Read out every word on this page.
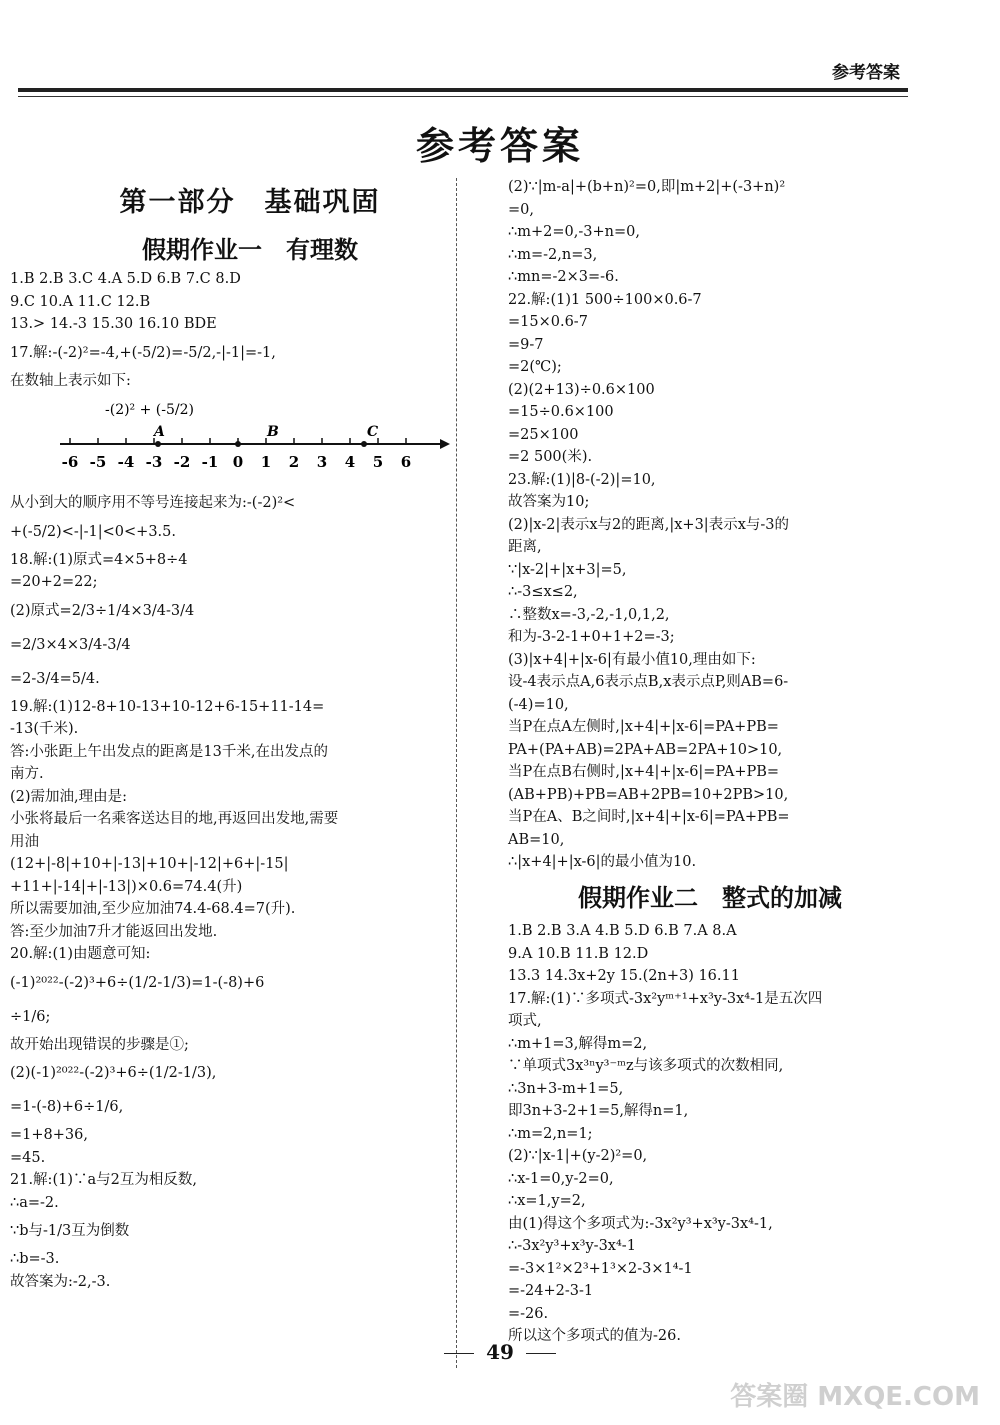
参考答案
参考答案
第一部分　基础巩固
假期作业一　有理数
1.B 2.B 3.C 4.A 5.D 6.B 7.C 8.D
9.C 10.A 11.C 12.B
13.> 14.-3 15.30 16.10 BDE
17.解:-(-2)²=-4,+(-5/2)=-5/2,-|-1|=-1,
在数轴上表示如下:
-(2)² + (-5/2)
-6 -5 -4 -3 -2 -1 0 1 2 3 4 5 6
A	B	C
从小到大的顺序用不等号连接起来为:-(-2)²<
+(-5/2)<-|-1|<0<+3.5.
18.解:(1)原式=4×5+8÷4
=20+2=22;
(2)原式=2/3÷1/4×3/4-3/4
=2/3×4×3/4-3/4
=2-3/4=5/4.
19.解:(1)12-8+10-13+10-12+6-15+11-14=
-13(千米).
答:小张距上午出发点的距离是13千米,在出发点的
南方.
(2)需加油,理由是:
小张将最后一名乘客送达目的地,再返回出发地,需要
用油
(12+|-8|+10+|-13|+10+|-12|+6+|-15|
+11+|-14|+|-13|)×0.6=74.4(升)
所以需要加油,至少应加油74.4-68.4=7(升).
答:至少加油7升才能返回出发地.
20.解:(1)由题意可知:
(-1)²⁰²²-(-2)³+6÷(1/2-1/3)=1-(-8)+6
÷1/6;
故开始出现错误的步骤是①;
(2)(-1)²⁰²²-(-2)³+6÷(1/2-1/3),
=1-(-8)+6÷1/6,
=1+8+36,
=45.
21.解:(1)∵a与2互为相反数,
∴a=-2.
∵b与-1/3互为倒数
∴b=-3.
故答案为:-2,-3.
(2)∵|m-a|+(b+n)²=0,即|m+2|+(-3+n)²
=0,
∴m+2=0,-3+n=0,
∴m=-2,n=3,
∴mn=-2×3=-6.
22.解:(1)1 500÷100×0.6-7
=15×0.6-7
=9-7
=2(℃);
(2)(2+13)÷0.6×100
=15÷0.6×100
=25×100
=2 500(米).
23.解:(1)|8-(-2)|=10,
故答案为10;
(2)|x-2|表示x与2的距离,|x+3|表示x与-3的
距离,
∵|x-2|+|x+3|=5,
∴-3≤x≤2,
∴整数x=-3,-2,-1,0,1,2,
和为-3-2-1+0+1+2=-3;
(3)|x+4|+|x-6|有最小值10,理由如下:
设-4表示点A,6表示点B,x表示点P,则AB=6-
(-4)=10,
当P在点A左侧时,|x+4|+|x-6|=PA+PB=
PA+(PA+AB)=2PA+AB=2PA+10>10,
当P在点B右侧时,|x+4|+|x-6|=PA+PB=
(AB+PB)+PB=AB+2PB=10+2PB>10,
当P在A、B之间时,|x+4|+|x-6|=PA+PB=
AB=10,
∴|x+4|+|x-6|的最小值为10.
假期作业二　整式的加减
1.B 2.B 3.A 4.B 5.D 6.B 7.A 8.A
9.A 10.B 11.B 12.D
13.3 14.3x+2y 15.(2n+3) 16.11
17.解:(1)∵多项式-3x²yᵐ⁺¹+x³y-3x⁴-1是五次四
项式,
∴m+1=3,解得m=2,
∵单项式3x³ⁿy³⁻ᵐz与该多项式的次数相同,
∴3n+3-m+1=5,
即3n+3-2+1=5,解得n=1,
∴m=2,n=1;
(2)∵|x-1|+(y-2)²=0,
∴x-1=0,y-2=0,
∴x=1,y=2,
由(1)得这个多项式为:-3x²y³+x³y-3x⁴-1,
∴-3x²y³+x³y-3x⁴-1
=-3×1²×2³+1³×2-3×1⁴-1
=-24+2-3-1
=-26.
所以这个多项式的值为-26.
49
答案圈 MXQE.COM
